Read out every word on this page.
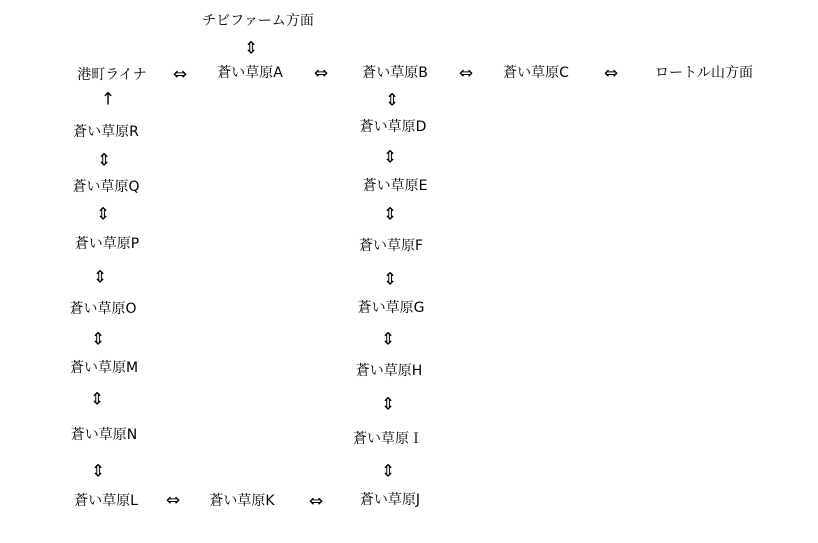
チビファーム方面
⇕
港町ライナ ⇔ 蒼い草原A ⇔ 蒼い草原B ⇔ 蒼い草原C ⇔	ロートル山方面
⇕
蒼い草原D
⇕
蒼い草原E
⇕
蒼い草原F
⇕
蒼い草原G
⇕
蒼い草原H
⇕
蒼い草原Ｉ
⇕
蒼い草原L ⇔ 蒼い草原K ⇔	蒼い草原J
⇕
蒼い草原N
⇕
蒼い草原M
⇕
蒼い草原O
⇕
蒼い草原P
⇕
蒼い草原Q
⇕
蒼い草原R
↑
